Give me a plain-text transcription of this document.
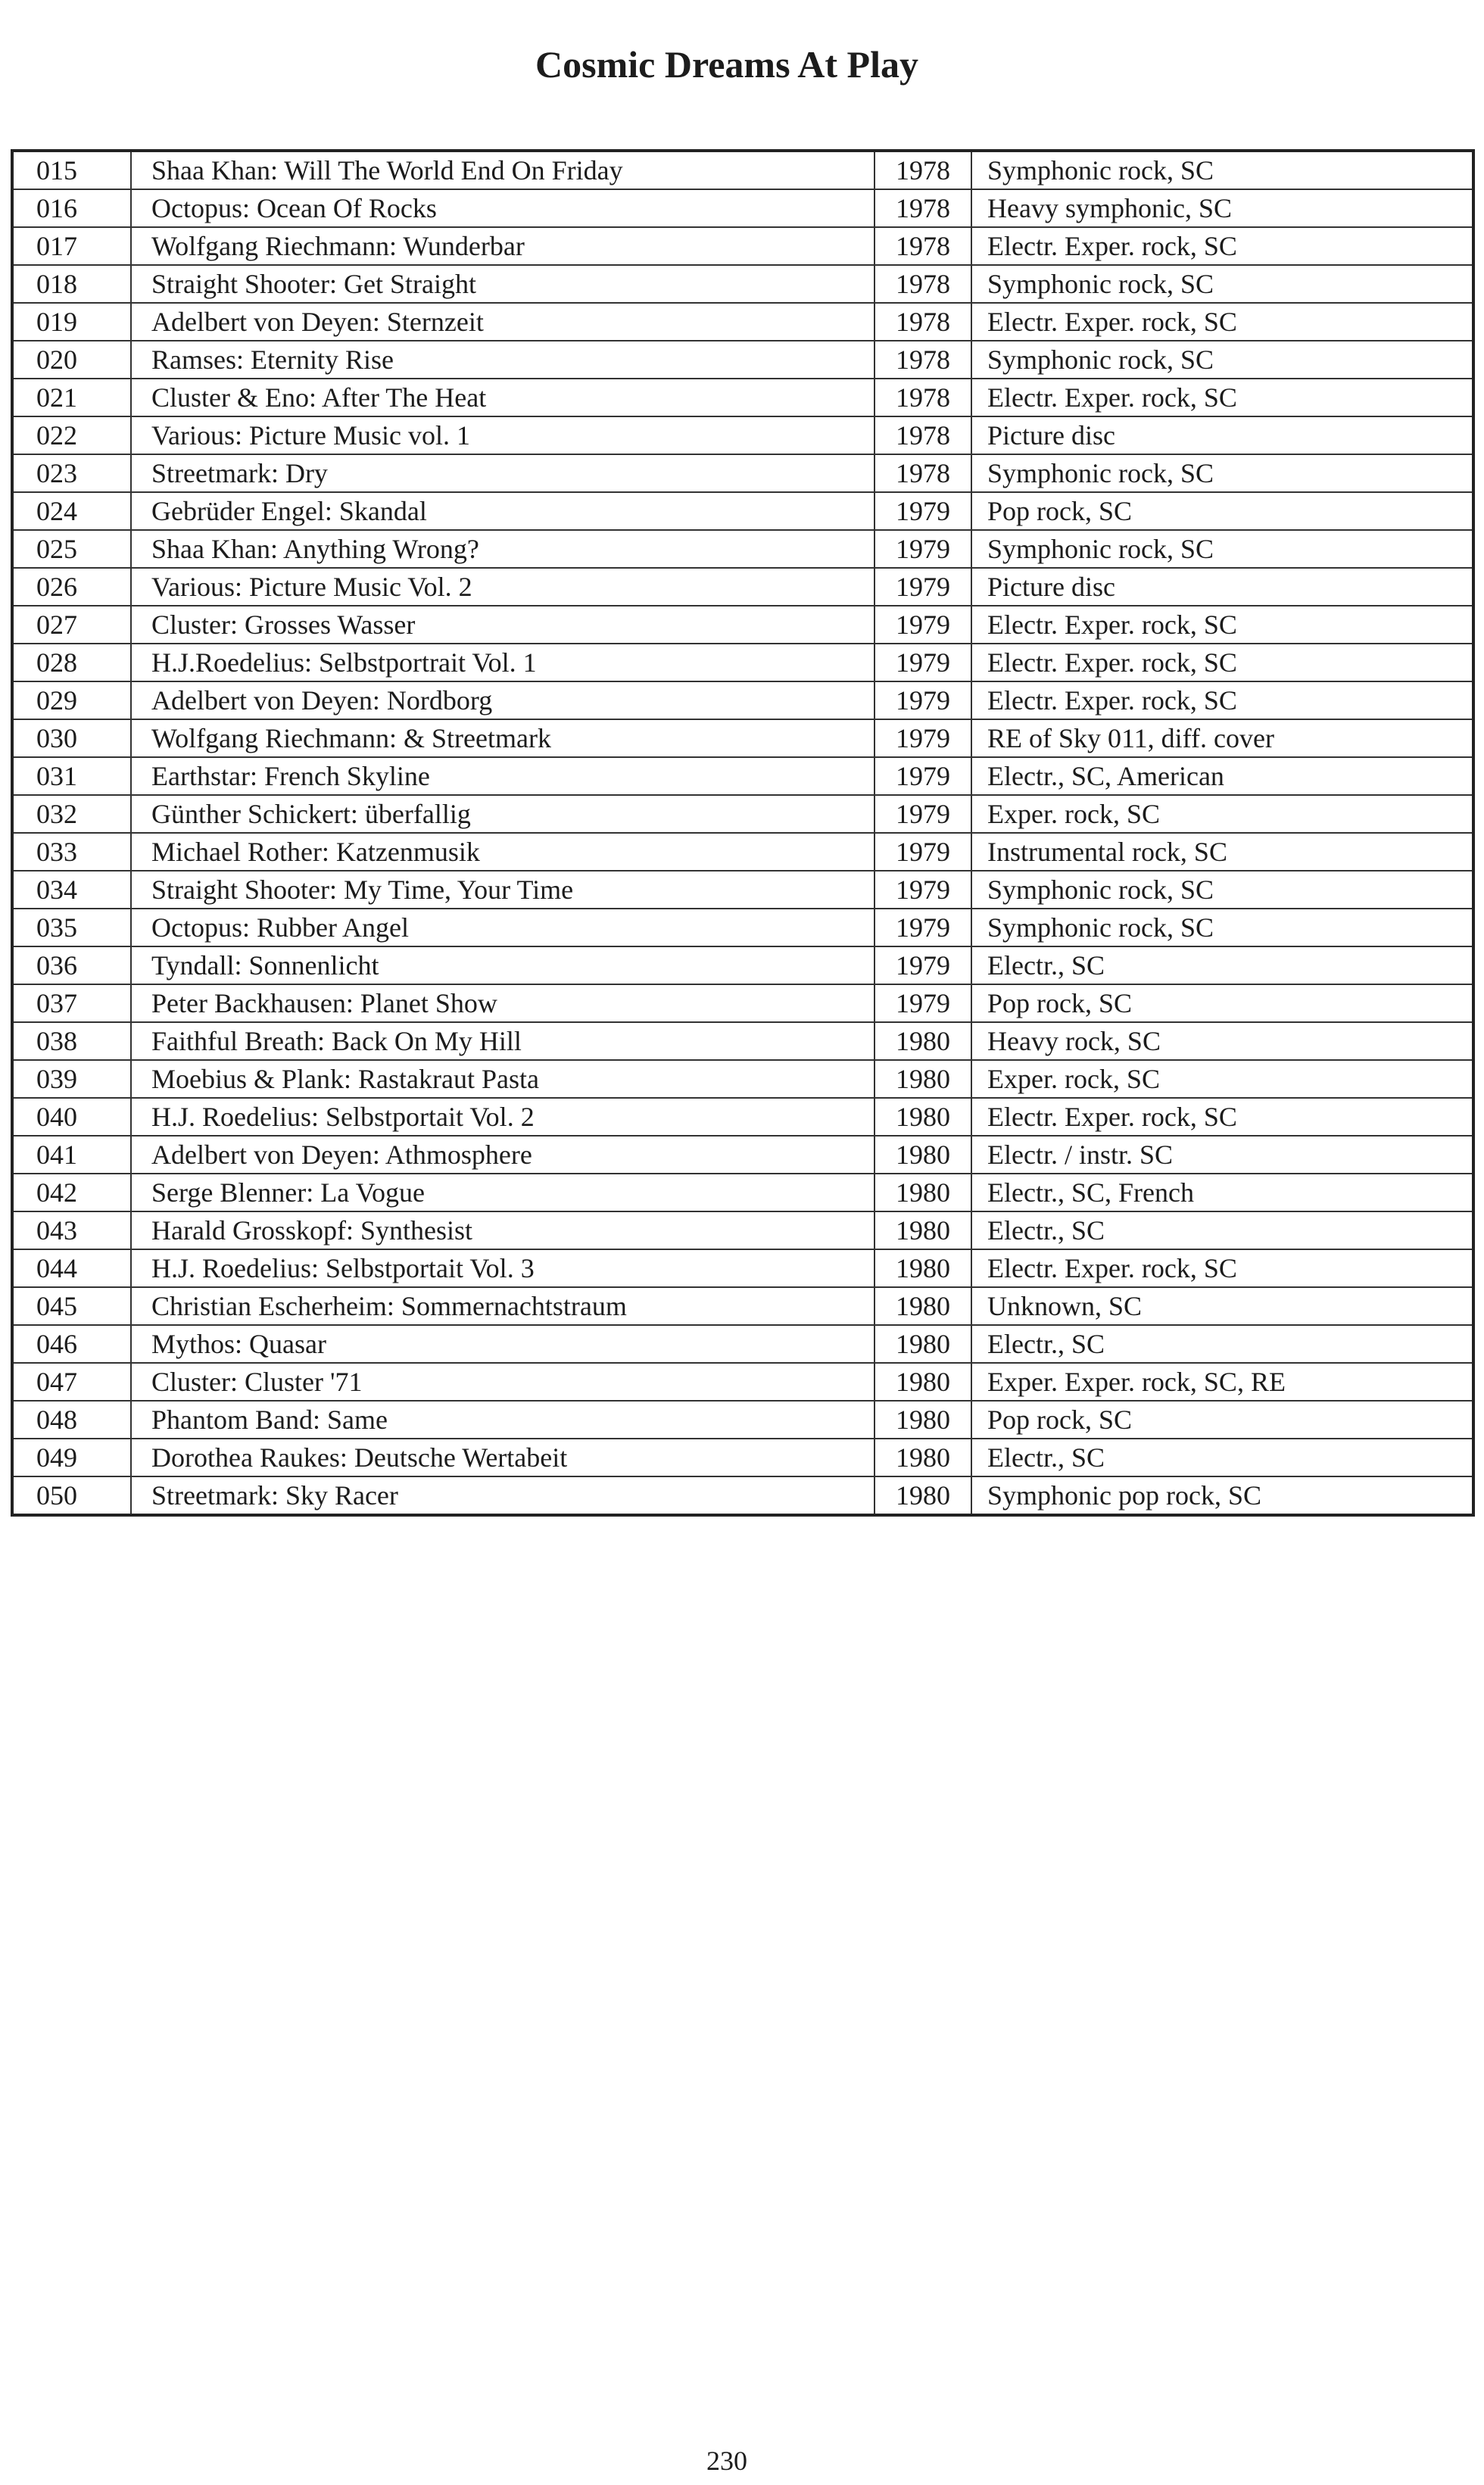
Cosmic Dreams At Play
015	Shaa Khan: Will The World End On Friday	1978	Symphonic rock, SC
016	Octopus: Ocean Of Rocks	1978	Heavy symphonic, SC
017	Wolfgang Riechmann: Wunderbar	1978	Electr. Exper. rock, SC
018	Straight Shooter: Get Straight	1978	Symphonic rock, SC
019	Adelbert von Deyen: Sternzeit	1978	Electr. Exper. rock, SC
020	Ramses: Eternity Rise	1978	Symphonic rock, SC
021	Cluster & Eno: After The Heat	1978	Electr. Exper. rock, SC
022	Various: Picture Music vol. 1	1978	Picture disc
023	Streetmark: Dry	1978	Symphonic rock, SC
024	Gebrüder Engel: Skandal	1979	Pop rock, SC
025	Shaa Khan: Anything Wrong?	1979	Symphonic rock, SC
026	Various: Picture Music Vol. 2	1979	Picture disc
027	Cluster: Grosses Wasser	1979	Electr. Exper. rock, SC
028	H.J.Roedelius: Selbstportrait Vol. 1	1979	Electr. Exper. rock, SC
029	Adelbert von Deyen: Nordborg	1979	Electr. Exper. rock, SC
030	Wolfgang Riechmann: & Streetmark	1979	RE of Sky 011, diff. cover
031	Earthstar: French Skyline	1979	Electr., SC, American
032	Günther Schickert: überfallig	1979	Exper. rock, SC
033	Michael Rother: Katzenmusik	1979	Instrumental rock, SC
034	Straight Shooter: My Time, Your Time	1979	Symphonic rock, SC
035	Octopus: Rubber Angel	1979	Symphonic rock, SC
036	Tyndall: Sonnenlicht	1979	Electr., SC
037	Peter Backhausen: Planet Show	1979	Pop rock, SC
038	Faithful Breath: Back On My Hill	1980	Heavy rock, SC
039	Moebius & Plank: Rastakraut Pasta	1980	Exper. rock, SC
040	H.J. Roedelius: Selbstportait Vol. 2	1980	Electr. Exper. rock, SC
041	Adelbert von Deyen: Athmosphere	1980	Electr. / instr. SC
042	Serge Blenner: La Vogue	1980	Electr., SC, French
043	Harald Grosskopf: Synthesist	1980	Electr., SC
044	H.J. Roedelius: Selbstportait Vol. 3	1980	Electr. Exper. rock, SC
045	Christian Escherheim: Sommernachtstraum	1980	Unknown, SC
046	Mythos: Quasar	1980	Electr., SC
047	Cluster: Cluster '71	1980	Exper. Exper. rock, SC, RE
048	Phantom Band: Same	1980	Pop rock, SC
049	Dorothea Raukes: Deutsche Wertabeit	1980	Electr., SC
050	Streetmark: Sky Racer	1980	Symphonic pop rock, SC
230
